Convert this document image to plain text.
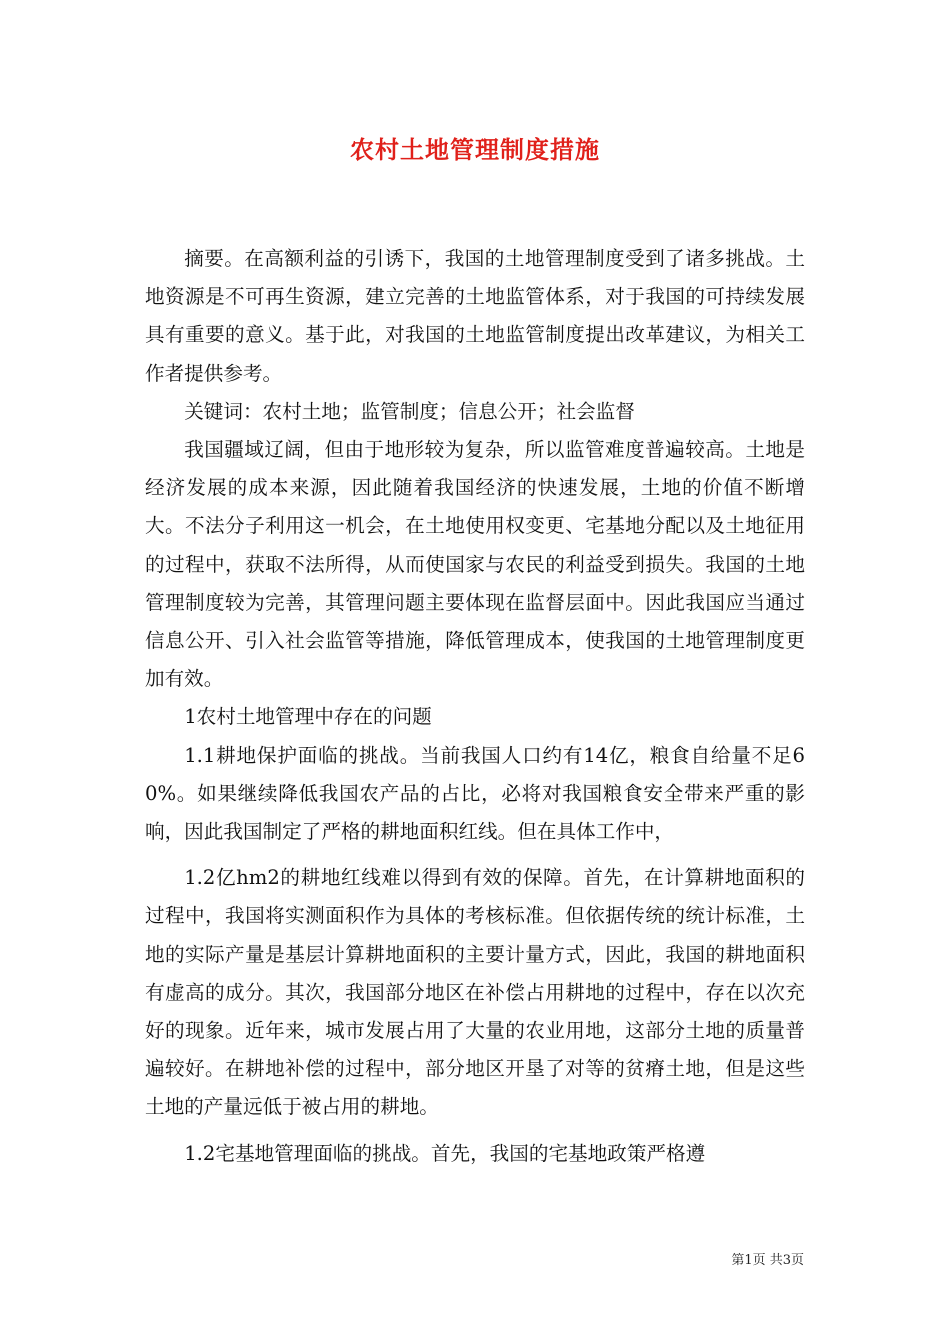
农村土地管理制度措施

摘要。在高额利益的引诱下，我国的土地管理制度受到了诸多挑战。土地资源是不可再生资源，建立完善的土地监管体系，对于我国的可持续发展具有重要的意义。基于此，对我国的土地监管制度提出改革建议，为相关工作者提供参考。

关键词：农村土地；监管制度；信息公开；社会监督

我国疆域辽阔，但由于地形较为复杂，所以监管难度普遍较高。土地是经济发展的成本来源，因此随着我国经济的快速发展，土地的价值不断增大。不法分子利用这一机会，在土地使用权变更、宅基地分配以及土地征用的过程中，获取不法所得，从而使国家与农民的利益受到损失。我国的土地管理制度较为完善，其管理问题主要体现在监督层面中。因此我国应当通过信息公开、引入社会监管等措施，降低管理成本，使我国的土地管理制度更加有效。

1农村土地管理中存在的问题

1.1耕地保护面临的挑战。当前我国人口约有14亿，粮食自给量不足60%。如果继续降低我国农产品的占比，必将对我国粮食安全带来严重的影响，因此我国制定了严格的耕地面积红线。但在具体工作中，

1.2亿hm2的耕地红线难以得到有效的保障。首先，在计算耕地面积的过程中，我国将实测面积作为具体的考核标准。但依据传统的统计标准，土地的实际产量是基层计算耕地面积的主要计量方式，因此，我国的耕地面积有虚高的成分。其次，我国部分地区在补偿占用耕地的过程中，存在以次充好的现象。近年来，城市发展占用了大量的农业用地，这部分土地的质量普遍较好。在耕地补偿的过程中，部分地区开垦了对等的贫瘠土地，但是这些土地的产量远低于被占用的耕地。

1.2宅基地管理面临的挑战。首先，我国的宅基地政策严格遵

第1页 共3页
